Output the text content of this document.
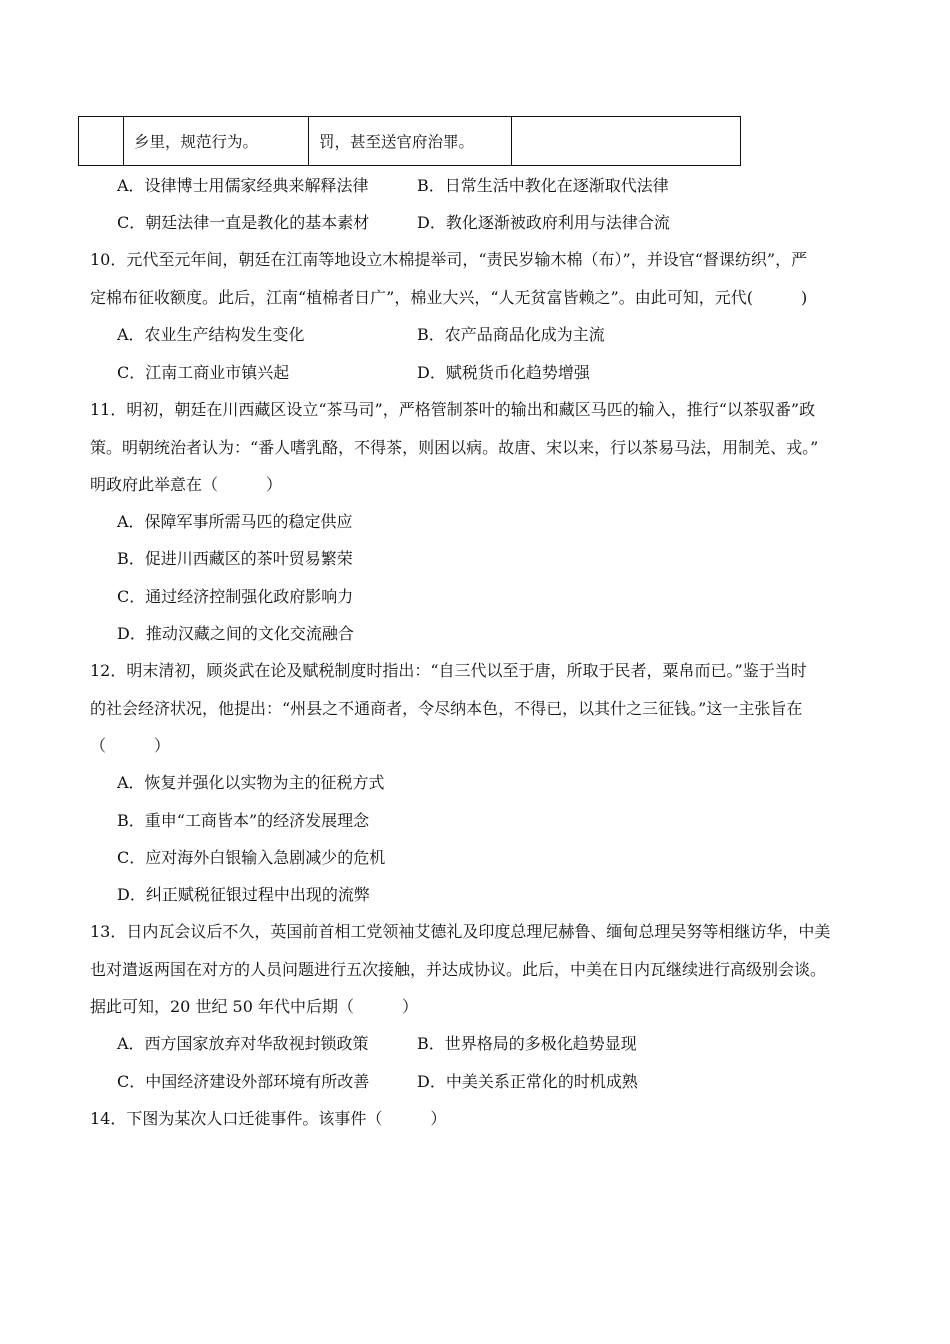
	乡里，规范行为。	罚，甚至送官府治罪。	
A．设律博士用儒家经典来解释法律	B．日常生活中教化在逐渐取代法律
C．朝廷法律一直是教化的基本素材	D．教化逐渐被政府利用与法律合流
10．元代至元年间，朝廷在江南等地设立木棉提举司，“责民岁输木棉（布）”，并设官“督课纺织”，严
定棉布征收额度。此后，江南“植棉者日广”，棉业大兴，“人无贫富皆赖之”。由此可知，元代(　　　)
A．农业生产结构发生变化	B．农产品商品化成为主流
C．江南工商业市镇兴起	D．赋税货币化趋势增强
11．明初，朝廷在川西藏区设立“茶马司”，严格管制茶叶的输出和藏区马匹的输入，推行“以茶驭番”政
策。明朝统治者认为：“番人嗜乳酪，不得茶，则困以病。故唐、宋以来，行以茶易马法，用制羌、戎。”
明政府此举意在（　　　）
A．保障军事所需马匹的稳定供应
B．促进川西藏区的茶叶贸易繁荣
C．通过经济控制强化政府影响力
D．推动汉藏之间的文化交流融合
12．明末清初，顾炎武在论及赋税制度时指出：“自三代以至于唐，所取于民者，粟帛而已。”鉴于当时
的社会经济状况，他提出：“州县之不通商者，令尽纳本色，不得已，以其什之三征钱。”这一主张旨在
（　　　）
A．恢复并强化以实物为主的征税方式
B．重申“工商皆本”的经济发展理念
C．应对海外白银输入急剧减少的危机
D．纠正赋税征银过程中出现的流弊
13．日内瓦会议后不久，英国前首相工党领袖艾德礼及印度总理尼赫鲁、缅甸总理吴努等相继访华，中美
也对遣返两国在对方的人员问题进行五次接触，并达成协议。此后，中美在日内瓦继续进行高级别会谈。
据此可知，20 世纪 50 年代中后期（　　　）
A．西方国家放弃对华敌视封锁政策	B．世界格局的多极化趋势显现
C．中国经济建设外部环境有所改善	D．中美关系正常化的时机成熟
14．下图为某次人口迁徙事件。该事件（　　　）
